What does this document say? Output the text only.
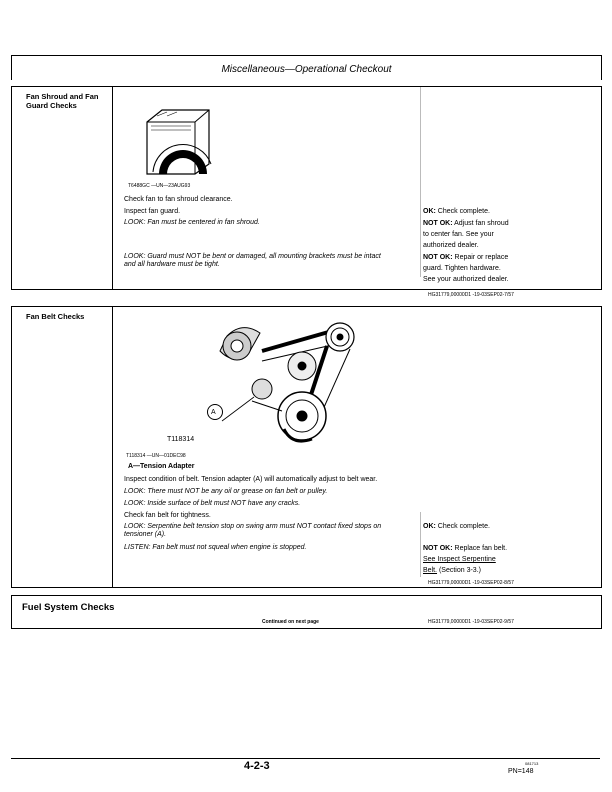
Miscellaneous—Operational Checkout
Fan Shroud and Fan
Guard Checks
T6488GC —UN—23AUG93
Check fan to fan shroud clearance.
Inspect fan guard.
LOOK: Fan must be centered in fan shroud.
LOOK: Guard must NOT be bent or damaged, all mounting brackets must be intact
and all hardware must be tight.
OK: Check complete.
NOT OK: Adjust fan shroud
to center fan. See your
authorized dealer.
NOT OK: Repair or replace
guard. Tighten hardware.
See your authorized dealer.
HG31779,00000D1 -19-03SEP02-7/57
Fan Belt Checks
A
T118314
T118314 —UN—01DEC98
A—Tension Adapter
Inspect condition of belt. Tension adapter (A) will automatically adjust to belt wear.
LOOK: There must NOT be any oil or grease on fan belt or pulley.
LOOK: Inside surface of belt must NOT have any cracks.
Check fan belt for tightness.
LOOK: Serpentine belt tension stop on swing arm must NOT contact fixed stops on
tensioner (A).
LISTEN: Fan belt must not squeal when engine is stopped.
OK: Check complete.
NOT OK: Replace fan belt.
See Inspect Serpentine
Belt. (Section 3-3.)
HG31779,00000D1 -19-03SEP02-8/57
Fuel System Checks
Continued on next page	HG31779,00000D1 -19-03SEP02-9/57
4-2-3	081713
PN=148
